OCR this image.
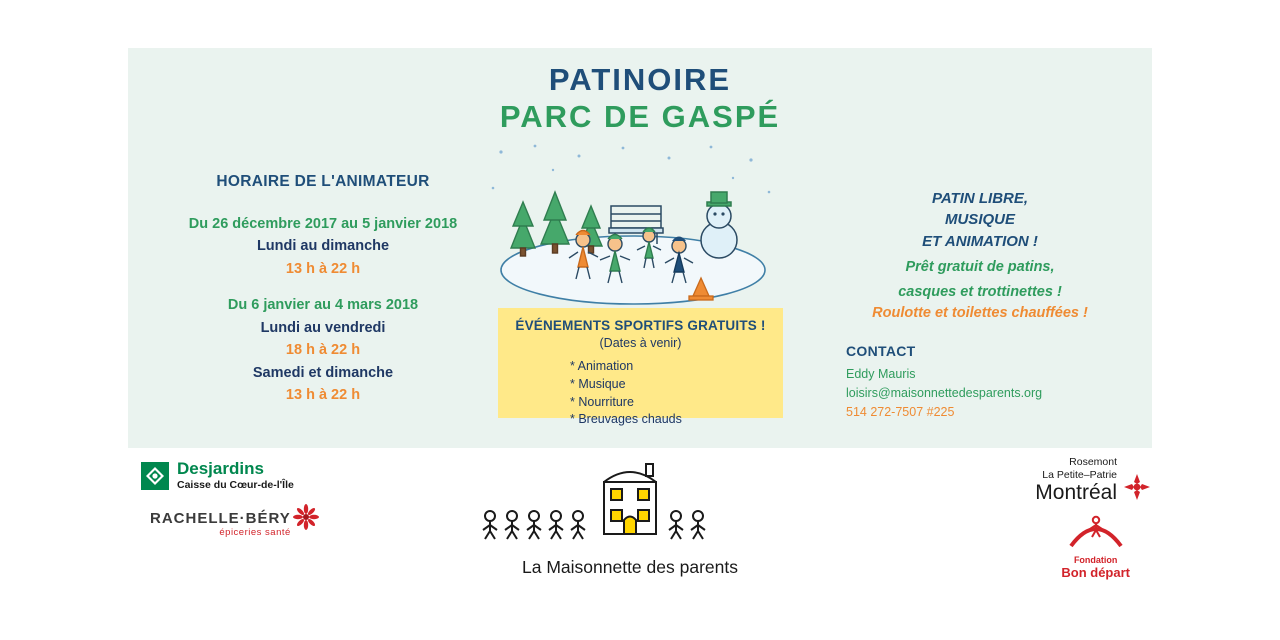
PATINOIRE
PARC DE GASPÉ
HORAIRE DE L'ANIMATEUR
Du 26 décembre 2017 au 5 janvier 2018
Lundi au dimanche
13 h à 22 h
Du 6 janvier au 4 mars 2018
Lundi au vendredi
18 h à 22 h
Samedi et dimanche
13 h à 22 h
ÉVÉNEMENTS SPORTIFS GRATUITS !
(Dates à venir)
* Animation
* Musique
* Nourriture
* Breuvages chauds
PATIN LIBRE,
MUSIQUE
ET ANIMATION !
Prêt gratuit de patins,
casques et trottinettes !
Roulotte et toilettes chauffées !
CONTACT
Eddy Mauris
loisirs@maisonnettedesparents.org
514 272-7507 #225
Desjardins
Caisse du Cœur-de-l'Île
RACHELLE·BÉRY
épiceries santé
La Maisonnette des parents
Rosemont
La Petite–Patrie
Montréal
Fondation
Bon départ
